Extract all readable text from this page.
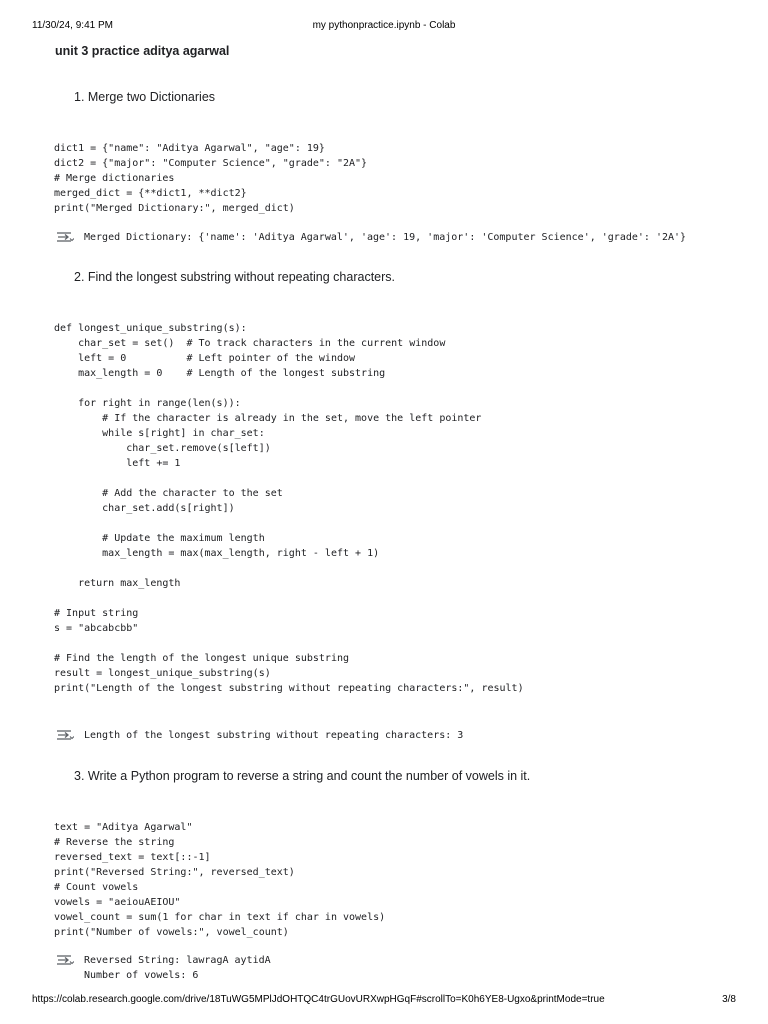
11/30/24, 9:41 PM	my pythonpractice.ipynb - Colab
unit 3 practice aditya agarwal
1. Merge two Dictionaries
dict1 = {"name": "Aditya Agarwal", "age": 19}
dict2 = {"major": "Computer Science", "grade": "2A"}
# Merge dictionaries
merged_dict = {**dict1, **dict2}
print("Merged Dictionary:", merged_dict)
Merged Dictionary: {'name': 'Aditya Agarwal', 'age': 19, 'major': 'Computer Science', 'grade': '2A'}
2. Find the longest substring without repeating characters.
def longest_unique_substring(s):
char_set = set()  # To track characters in the current window
left = 0          # Left pointer of the window
max_length = 0    # Length of the longest substring

for right in range(len(s)):
# If the character is already in the set, move the left pointer
while s[right] in char_set:
char_set.remove(s[left])
left += 1

# Add the character to the set
char_set.add(s[right])

# Update the maximum length
max_length = max(max_length, right - left + 1)

return max_length

# Input string
s = "abcabcbb"

# Find the length of the longest unique substring
result = longest_unique_substring(s)
print("Length of the longest substring without repeating characters:", result)
Length of the longest substring without repeating characters: 3
3. Write a Python program to reverse a string and count the number of vowels in it.
text = "Aditya Agarwal"
# Reverse the string
reversed_text = text[::-1]
print("Reversed String:", reversed_text)
# Count vowels
vowels = "aeiouAEIOU"
vowel_count = sum(1 for char in text if char in vowels)
print("Number of vowels:", vowel_count)
Reversed String: lawragA aytidA
Number of vowels: 6
https://colab.research.google.com/drive/18TuWG5MPlJdOHTQC4trGUovURXwpHGqF#scrollTo=K0h6YE8-Ugxo&printMode=true	3/8
